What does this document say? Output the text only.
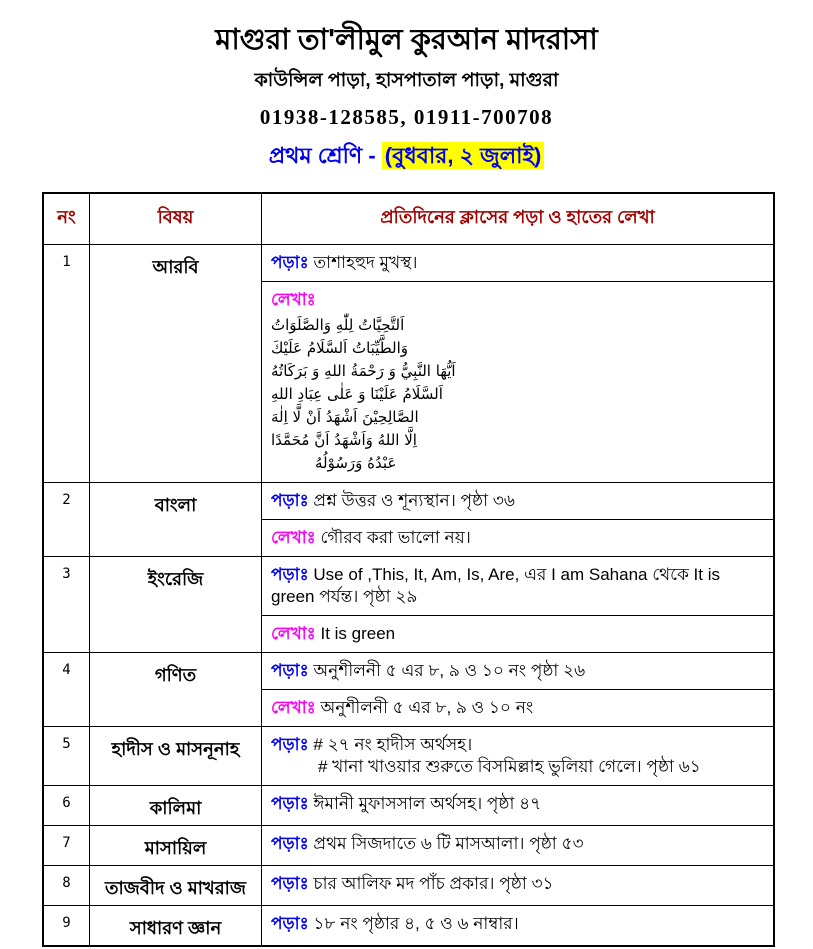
মাগুরা তা'লীমুল কুরআন মাদরাসা
কাউন্সিল পাড়া, হাসপাতাল পাড়া, মাগুরা
01938-128585, 01911-700708
প্রথম শ্রেণি - (বুধবার, ২ জুলাই)
নং	বিষয়	প্রতিদিনের ক্লাসের পড়া ও হাতের লেখা
1	আরবি	পড়াঃ তাশাহহুদ মুখস্থ।
লেখাঃ
اَلتَّحِيَّاتُ لِلّٰهِ وَالصَّلَوَاتُ
وَالطَّيِّبَاتُ اَلسَّلَامُ عَلَيْكَ
اَيُّهَا النَّبِيُّ وَ رَحْمَةُ اللهِ وَ بَرَكَاتُهُ
اَلسَّلَامُ عَلَيْنَا وَ عَلٰى عِبَادِ اللهِ
الصَّالِحِيْنَ اَشْهَدُ اَنْ لَّا اِلٰهَ
اِلَّا اللهُ وَاَشْهَدُ اَنَّ مُحَمَّدًا
عَبْدُهُ وَرَسُوْلُهُ
2	বাংলা	পড়াঃ প্রশ্ন উত্তর ও শূন্যস্থান। পৃষ্ঠা ৩৬
লেখাঃ গৌরব করা ভালো নয়।
3	ইংরেজি	পড়াঃ Use of ,This, It, Am, Is, Are, এর I am Sahana থেকে It is green পর্যন্ত। পৃষ্ঠা ২৯
লেখাঃ It is green
4	গণিত	পড়াঃ অনুশীলনী ৫ এর ৮, ৯ ও ১০ নং পৃষ্ঠা ২৬
লেখাঃ অনুশীলনী ৫ এর ৮, ৯ ও ১০ নং
5	হাদীস ও মাসনূনাহ	পড়াঃ # ২৭ নং হাদীস অর্থসহ।
# খানা খাওয়ার শুরুতে বিসমিল্লাহ ভুলিয়া গেলে। পৃষ্ঠা ৬১
6	কালিমা	পড়াঃ ঈমানী মুফাসসাল অর্থসহ। পৃষ্ঠা ৪৭
7	মাসায়িল	পড়াঃ প্রথম সিজদাতে ৬ টি মাসআলা। পৃষ্ঠা ৫৩
8	তাজবীদ ও মাখরাজ	পড়াঃ চার আলিফ মদ পাঁচ প্রকার। পৃষ্ঠা ৩১
9	সাধারণ জ্ঞান	পড়াঃ ১৮ নং পৃষ্ঠার ৪, ৫ ও ৬ নাম্বার।
